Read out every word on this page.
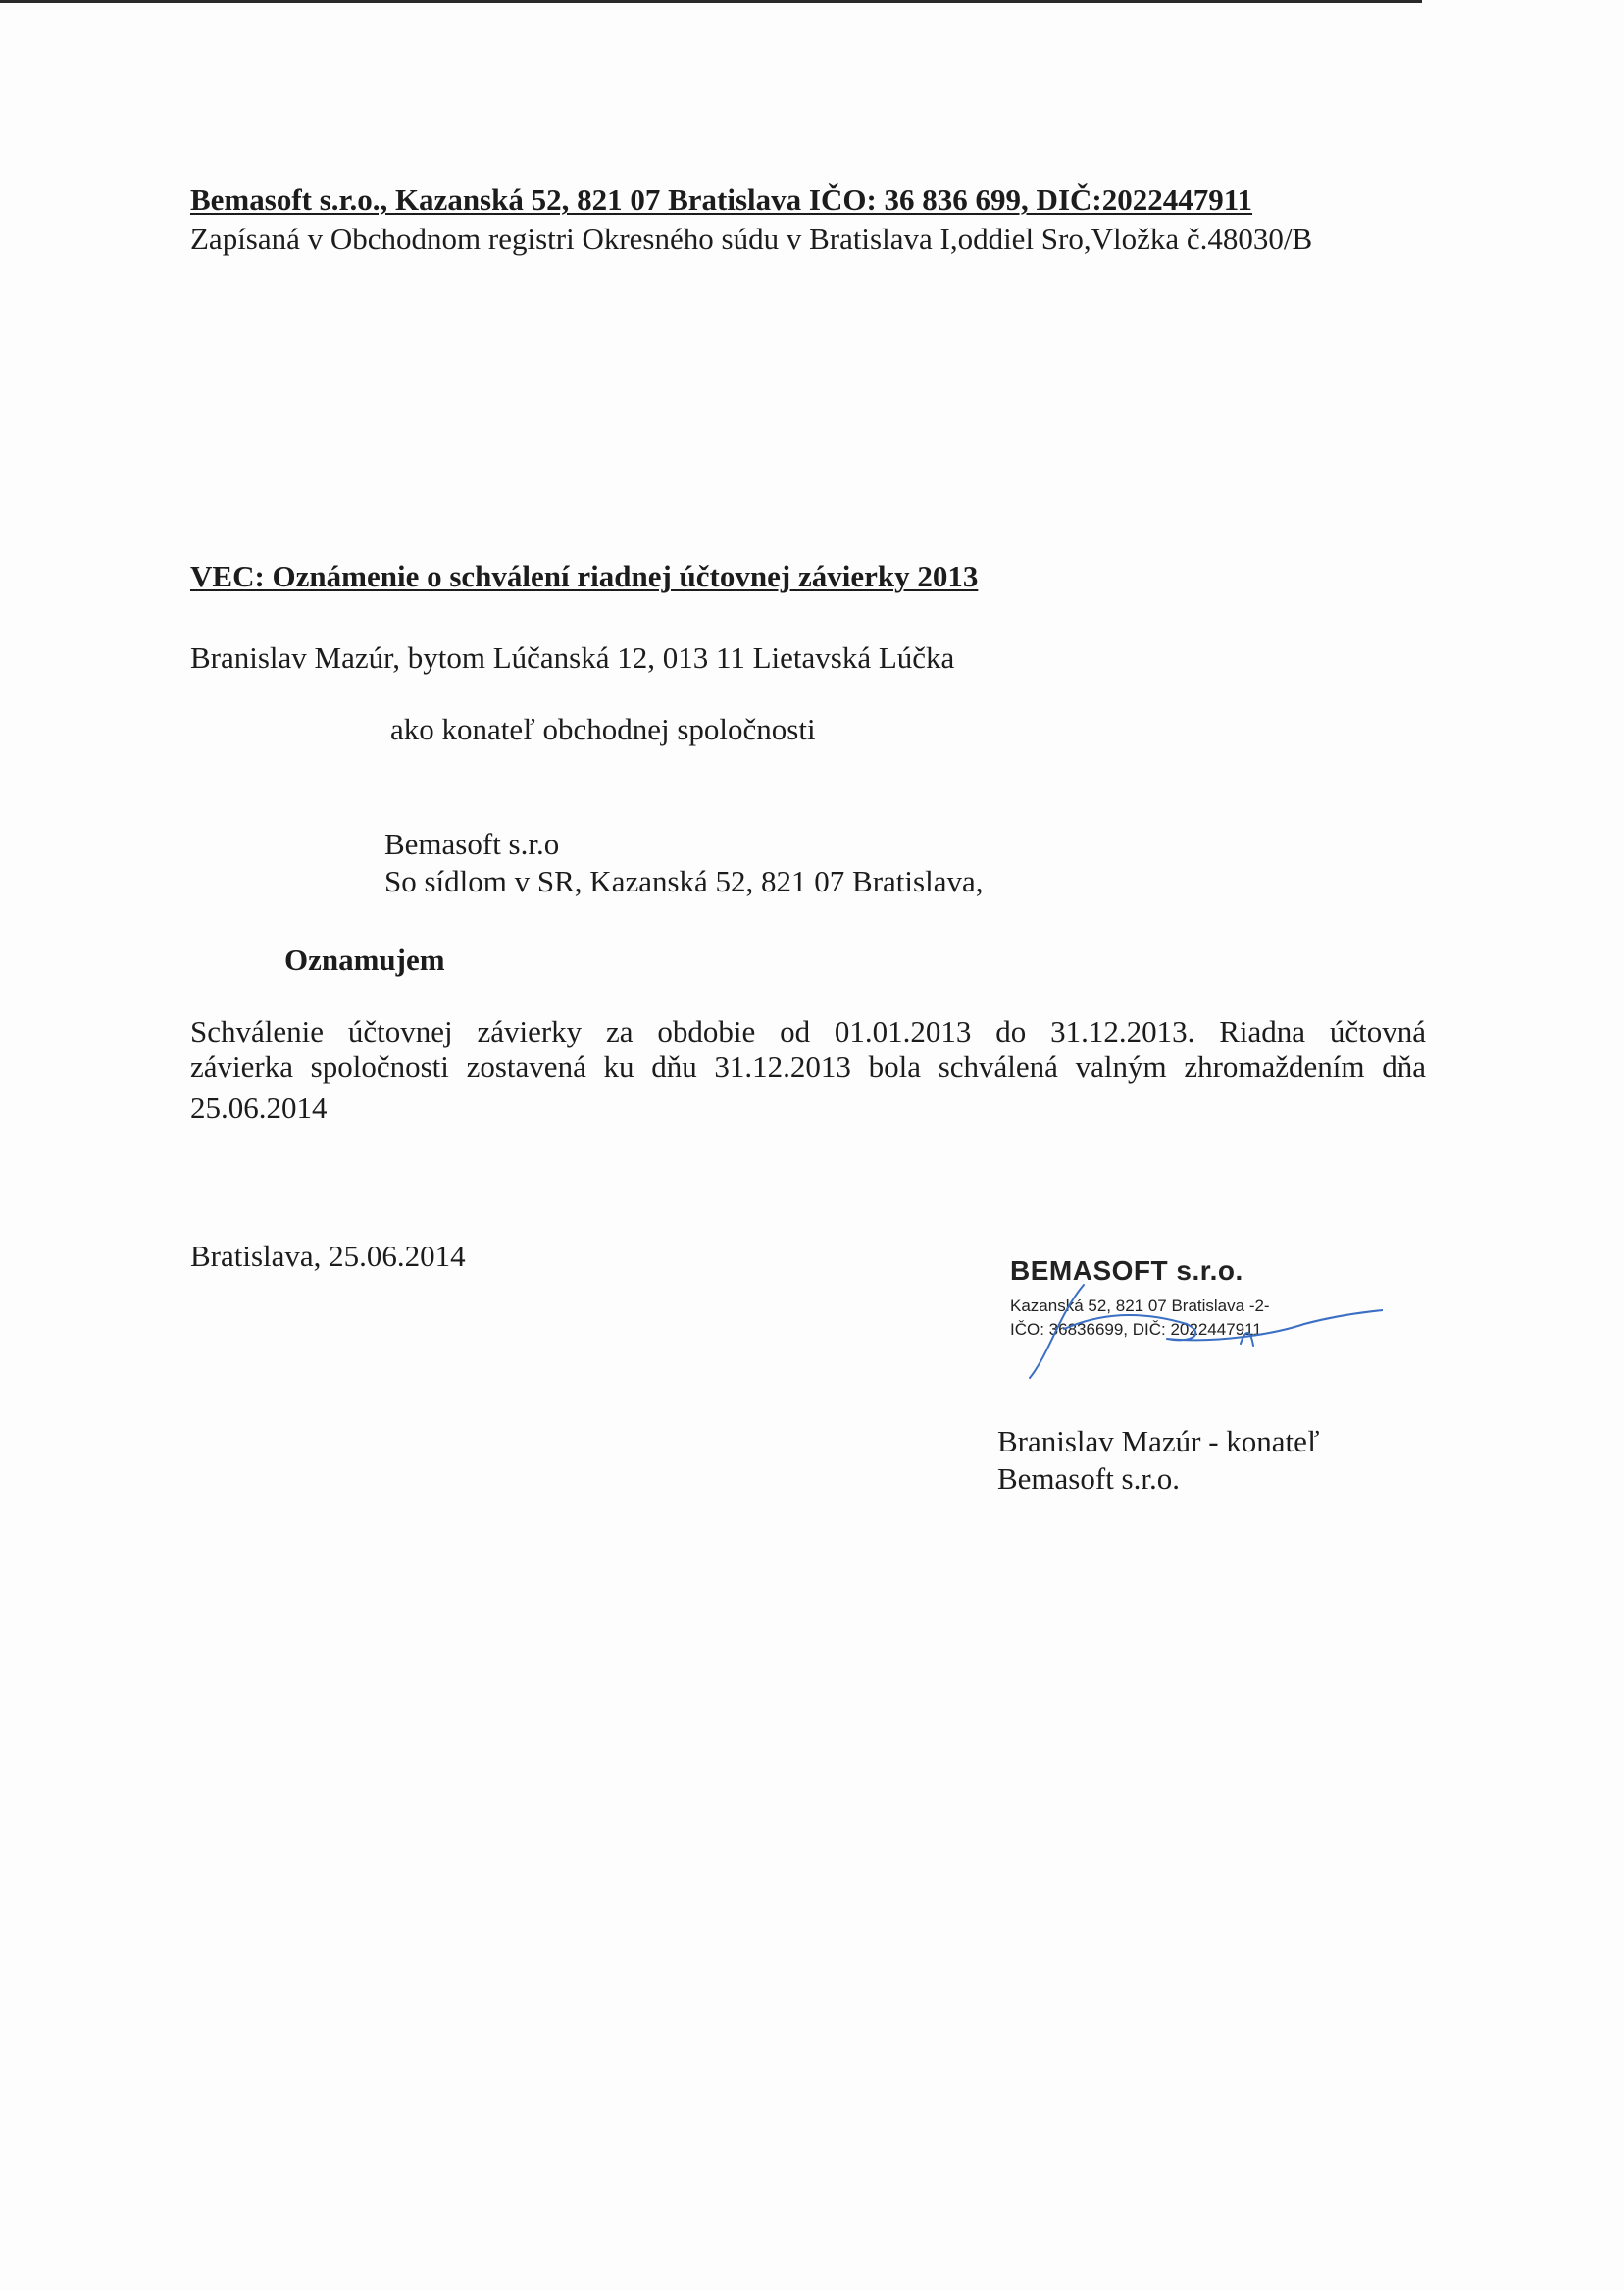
Bemasoft s.r.o., Kazanská 52, 821 07 Bratislava IČO: 36 836 699, DIČ:2022447911
Zapísaná v Obchodnom registri Okresného súdu v Bratislava I,oddiel Sro,Vložka č.48030/B
VEC: Oznámenie o schválení riadnej účtovnej závierky 2013
Branislav Mazúr, bytom Lúčanská 12, 013 11 Lietavská Lúčka
ako konateľ obchodnej spoločnosti
Bemasoft s.r.o
So sídlom v SR, Kazanská 52, 821 07 Bratislava,
Oznamujem
Schválenie účtovnej závierky za obdobie od 01.01.2013 do 31.12.2013. Riadna účtovná
závierka spoločnosti zostavená ku dňu 31.12.2013 bola schválená valným zhromaždením dňa
25.06.2014
Bratislava, 25.06.2014	BEMASOFT s.r.o.
Kazanská 52, 821 07 Bratislava -2-
IČO: 36836699, DIČ: 2022447911
Branislav Mazúr - konateľ
Bemasoft s.r.o.
